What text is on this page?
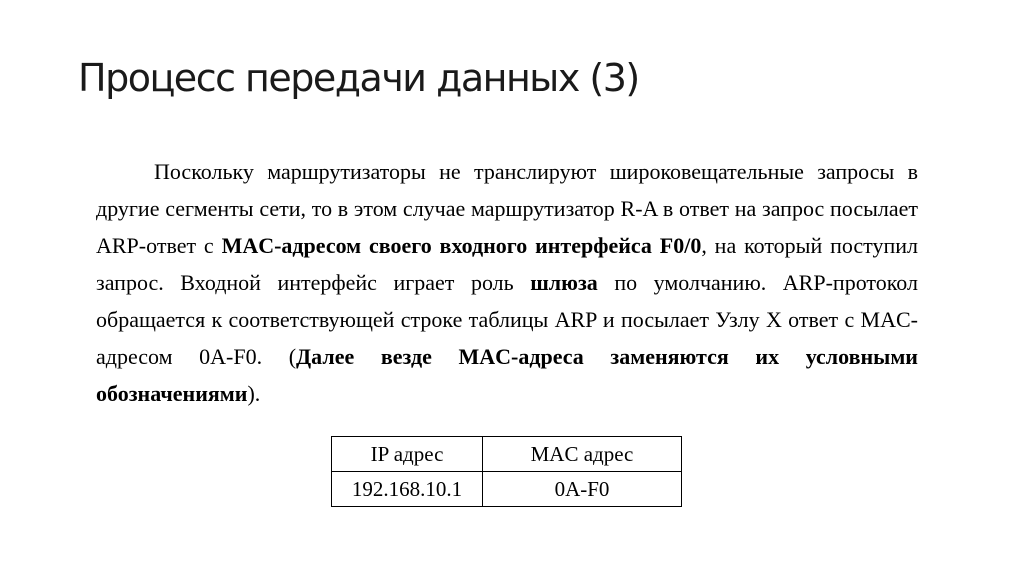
Процесс передачи данных (3)

Поскольку маршрутизаторы не транслируют широковещательные запросы в другие сегменты сети, то в этом случае маршрутизатор R-A в ответ на запрос посылает ARP-ответ с MAC-адресом своего входного интерфейса F0/0, на который поступил запрос. Входной интерфейс играет роль шлюза по умолчанию. ARP-протокол обращается к соответствующей строке таблицы ARP и посылает Узлу X ответ с MAC-адресом 0A-F0. (Далее везде MAC-адреса заменяются их условными обозначениями).

IP адрес	MAC адрес
192.168.10.1	0A-F0
